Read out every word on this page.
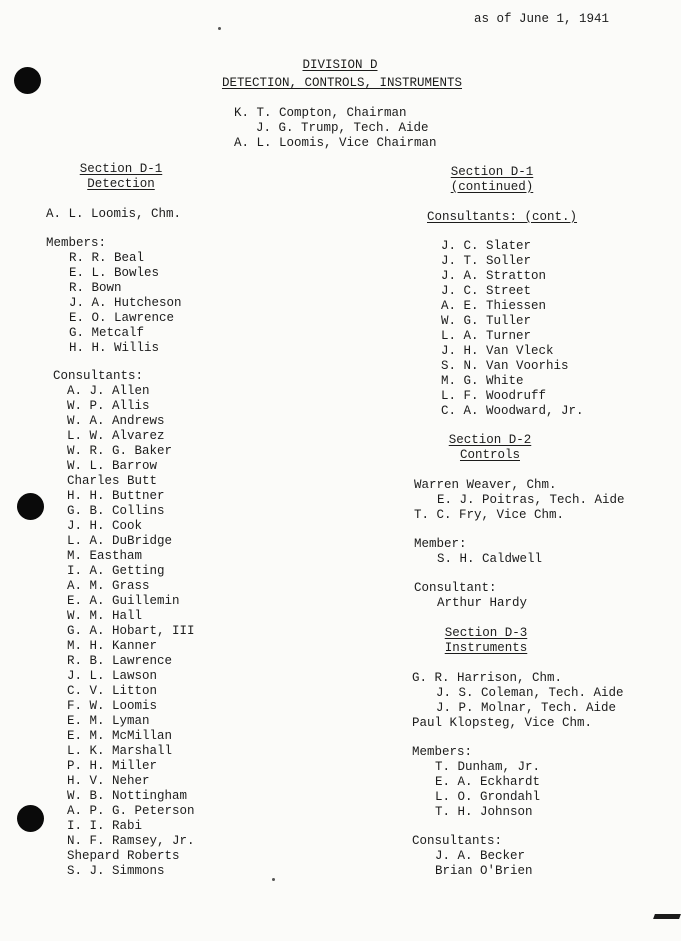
as of June 1, 1941
DIVISION D
DETECTION, CONTROLS, INSTRUMENTS
K. T. Compton, Chairman
J. G. Trump, Tech. Aide
A. L. Loomis, Vice Chairman
Section D-1
Detection
A. L. Loomis, Chm.
Members:
R. R. Beal
E. L. Bowles
R. Bown
J. A. Hutcheson
E. O. Lawrence
G. Metcalf
H. H. Willis
Consultants:
A. J. Allen
W. P. Allis
W. A. Andrews
L. W. Alvarez
W. R. G. Baker
W. L. Barrow
Charles Butt
H. H. Buttner
G. B. Collins
J. H. Cook
L. A. DuBridge
M. Eastham
I. A. Getting
A. M. Grass
E. A. Guillemin
W. M. Hall
G. A. Hobart, III
M. H. Kanner
R. B. Lawrence
J. L. Lawson
C. V. Litton
F. W. Loomis
E. M. Lyman
E. M. McMillan
L. K. Marshall
P. H. Miller
H. V. Neher
W. B. Nottingham
A. P. G. Peterson
I. I. Rabi
N. F. Ramsey, Jr.
Shepard Roberts
S. J. Simmons
Section D-1
(continued)
Consultants: (cont.)
J. C. Slater
J. T. Soller
J. A. Stratton
J. C. Street
A. E. Thiessen
W. G. Tuller
L. A. Turner
J. H. Van Vleck
S. N. Van Voorhis
M. G. White
L. F. Woodruff
C. A. Woodward, Jr.
Section D-2
Controls
Warren Weaver, Chm.
E. J. Poitras, Tech. Aide
T. C. Fry, Vice Chm.
Member:
S. H. Caldwell
Consultant:
Arthur Hardy
Section D-3
Instruments
G. R. Harrison, Chm.
J. S. Coleman, Tech. Aide
J. P. Molnar, Tech. Aide
Paul Klopsteg, Vice Chm.
Members:
T. Dunham, Jr.
E. A. Eckhardt
L. O. Grondahl
T. H. Johnson
Consultants:
J. A. Becker
Brian O'Brien
